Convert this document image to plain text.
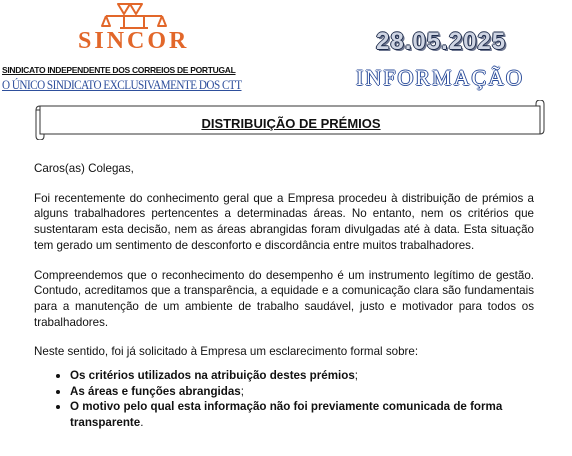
SINCOR
SINDICATO INDEPENDENTE DOS CORREIOS DE PORTUGAL
O ÚNICO SINDICATO EXCLUSIVAMENTE DOS CTT
28.05.2025
INFORMAÇÃO
DISTRIBUIÇÃO DE PRÉMIOS

Caros(as) Colegas,

Foi recentemente do conhecimento geral que a Empresa procedeu à distribuição de prémios a alguns trabalhadores pertencentes a determinadas áreas. No entanto, nem os critérios que sustentaram esta decisão, nem as áreas abrangidas foram divulgadas até à data. Esta situação tem gerado um sentimento de desconforto e discordância entre muitos trabalhadores.

Compreendemos que o reconhecimento do desempenho é um instrumento legítimo de gestão. Contudo, acreditamos que a transparência, a equidade e a comunicação clara são fundamentais para a manutenção de um ambiente de trabalho saudável, justo e motivador para todos os trabalhadores.

Neste sentido, foi já solicitado à Empresa um esclarecimento formal sobre:

Os critérios utilizados na atribuição destes prémios;
As áreas e funções abrangidas;
O motivo pelo qual esta informação não foi previamente comunicada de forma transparente.
